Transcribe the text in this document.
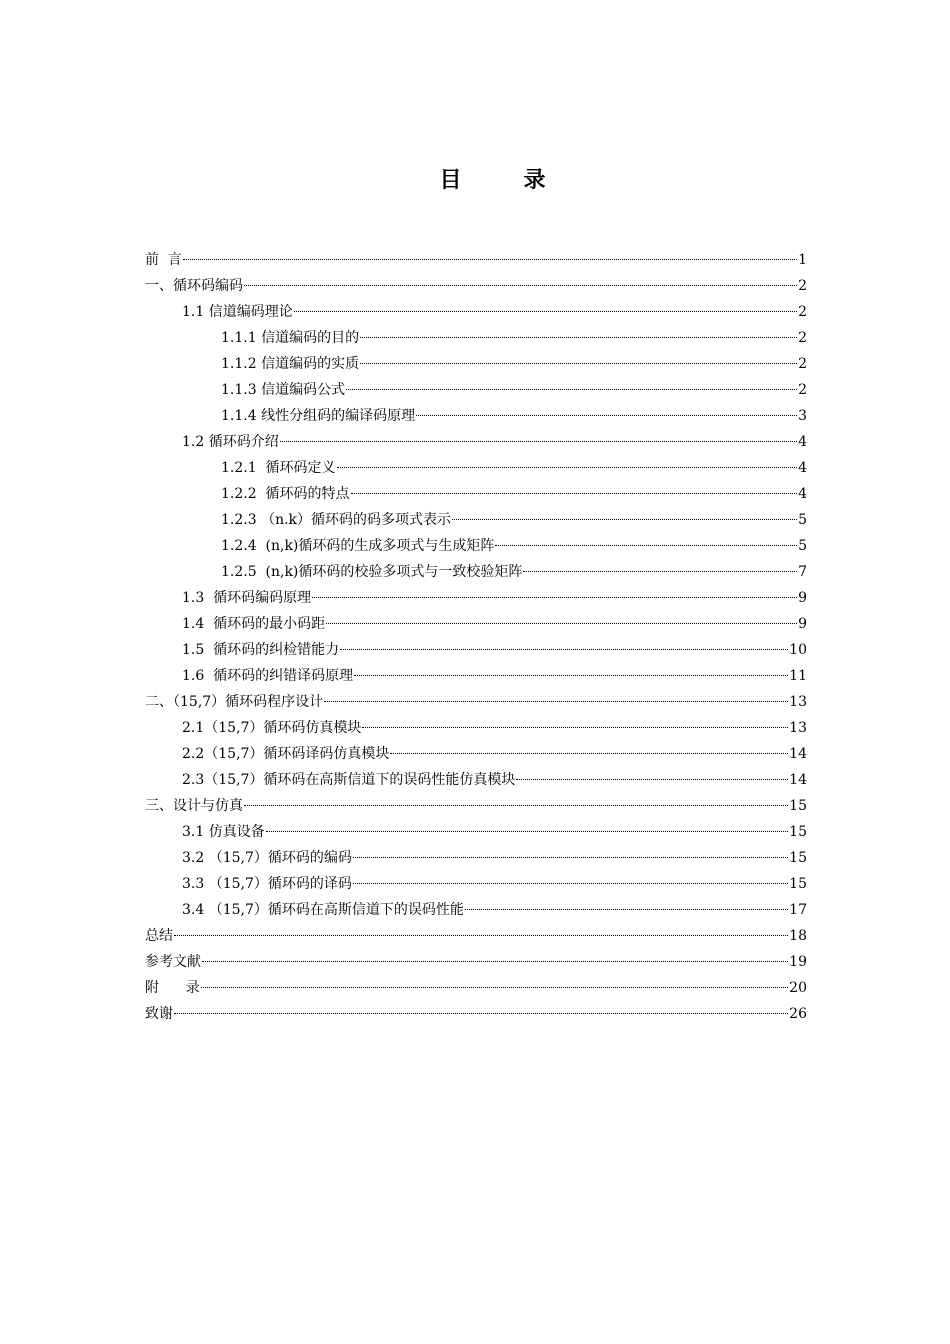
目　录
前  言	1
一、循环码编码	2
1.1 信道编码理论	2
1.1.1 信道编码的目的	2
1.1.2 信道编码的实质	2
1.1.3 信道编码公式	2
1.1.4 线性分组码的编译码原理	3
1.2 循环码介绍	4
1.2.1  循环码定义	4
1.2.2  循环码的特点	4
1.2.3 （n.k）循环码的码多项式表示	5
1.2.4  (n,k)循环码的生成多项式与生成矩阵	5
1.2.5  (n,k)循环码的校验多项式与一致校验矩阵	7
1.3  循环码编码原理	9
1.4  循环码的最小码距	9
1.5  循环码的纠检错能力	10
1.6  循环码的纠错译码原理	11
二、（15,7）循环码程序设计	13
2.1（15,7）循环码仿真模块	13
2.2（15,7）循环码译码仿真模块	14
2.3（15,7）循环码在高斯信道下的误码性能仿真模块	14
三、设计与仿真	15
3.1 仿真设备	15
3.2 （15,7）循环码的编码	15
3.3 （15,7）循环码的译码	15
3.4 （15,7）循环码在高斯信道下的误码性能	17
总结	18
参考文献	19
附      录	20
致谢	26
